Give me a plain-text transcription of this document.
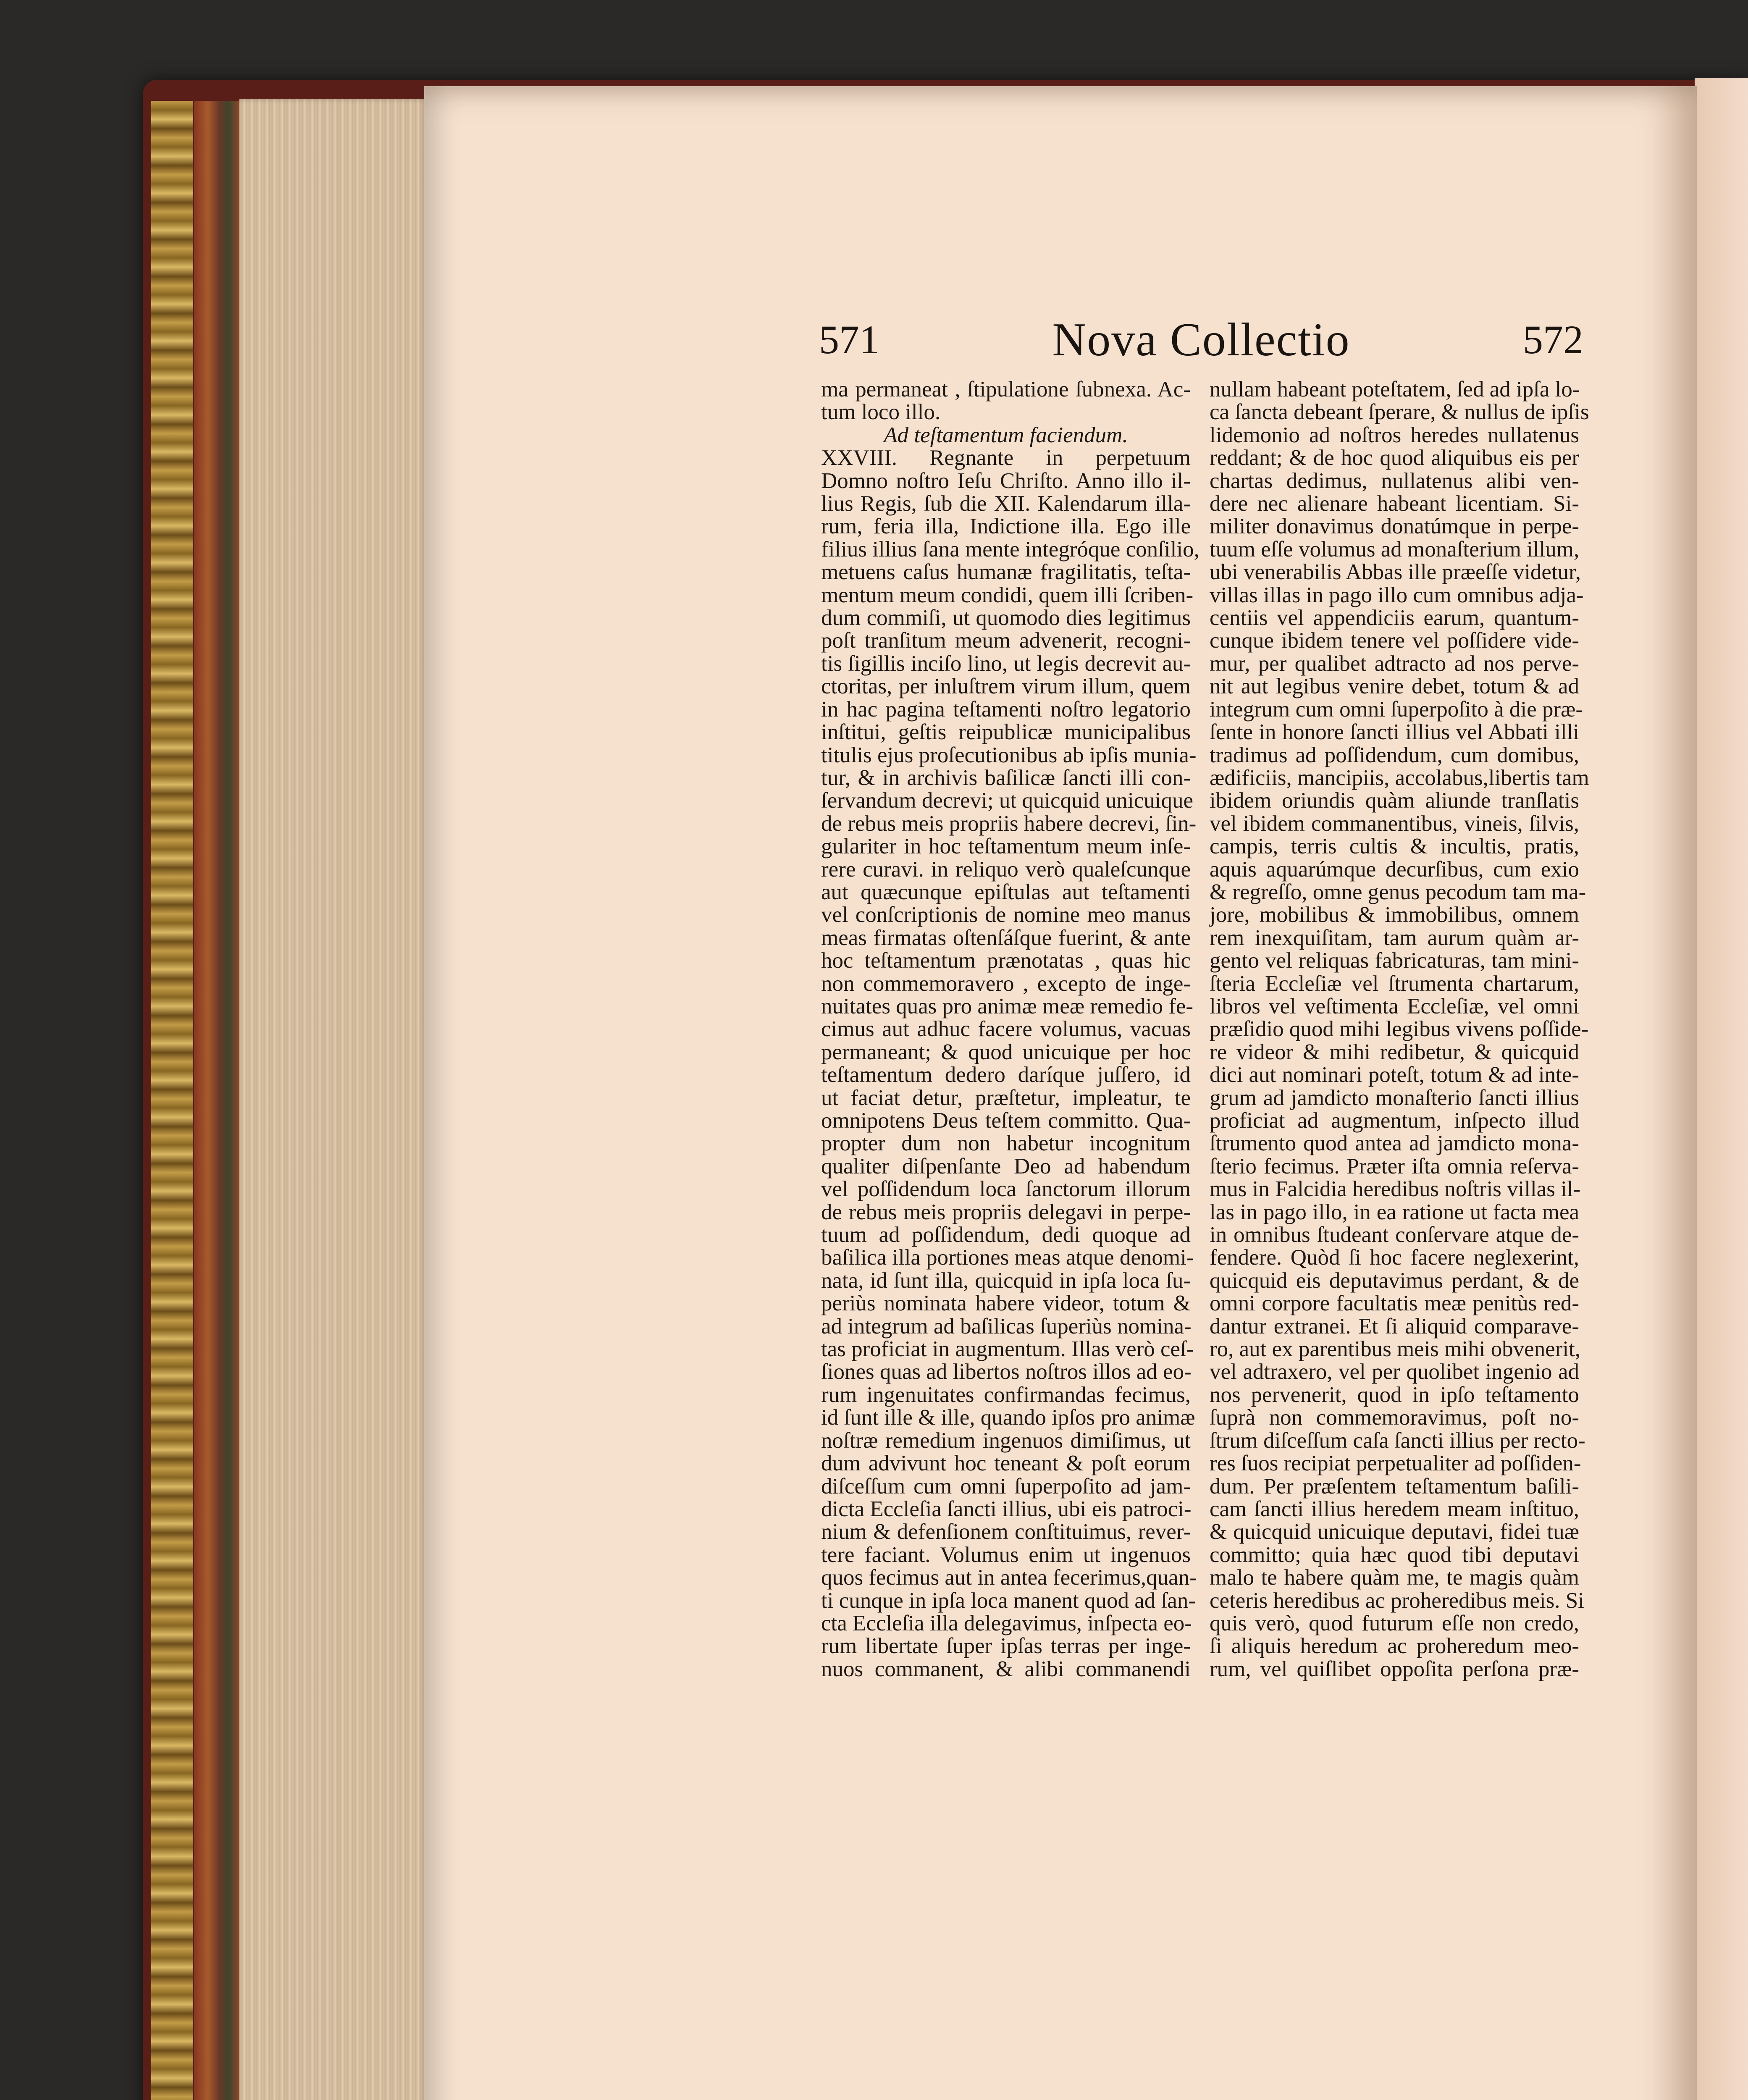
571	Nova Collectio	572
ma permaneat , ſtipulatione ſubnexa. Ac-
tum loco illo.
Ad teſtamentum faciendum.
XXVIII. Regnante in perpetuum
Domno noſtro Ieſu Chriſto. Anno illo il-
lius Regis, ſub die XII. Kalendarum illa-
rum, feria illa, Indictione illa. Ego ille
filius illius ſana mente integróque conſilio,
metuens caſus humanæ fragilitatis, teſta-
mentum meum condidi, quem illi ſcriben-
dum commiſi, ut quomodo dies legitimus
poſt tranſitum meum advenerit, recogni-
tis ſigillis inciſo lino, ut legis decrevit au-
ctoritas, per inluſtrem virum illum, quem
in hac pagina teſtamenti noſtro legatorio
inſtitui, geſtis reipublicæ municipalibus
titulis ejus proſecutionibus ab ipſis munia-
tur, & in archivis baſilicæ ſancti illi con-
ſervandum decrevi; ut quicquid unicuique
de rebus meis propriis habere decrevi, ſin-
gulariter in hoc teſtamentum meum inſe-
rere curavi. in reliquo verò qualeſcunque
aut quæcunque epiſtulas aut teſtamenti
vel conſcriptionis de nomine meo manus
meas firmatas oſtenſáſque fuerint, & ante
hoc teſtamentum prænotatas , quas hic
non commemoravero , excepto de inge-
nuitates quas pro animæ meæ remedio fe-
cimus aut adhuc facere volumus, vacuas
permaneant; & quod unicuique per hoc
teſtamentum dedero daríque juſſero, id
ut faciat detur, præſtetur, impleatur, te
omnipotens Deus teſtem committo. Qua-
propter dum non habetur incognitum
qualiter diſpenſante Deo ad habendum
vel poſſidendum loca ſanctorum illorum
de rebus meis propriis delegavi in perpe-
tuum ad poſſidendum, dedi quoque ad
baſilica illa portiones meas atque denomi-
nata, id ſunt illa, quicquid in ipſa loca ſu-
periùs nominata habere videor, totum &
ad integrum ad baſilicas ſuperiùs nomina-
tas proficiat in augmentum. Illas verò ceſ-
ſiones quas ad libertos noſtros illos ad eo-
rum ingenuitates confirmandas fecimus,
id ſunt ille & ille, quando ipſos pro animæ
noſtræ remedium ingenuos dimiſimus, ut
dum advivunt hoc teneant & poſt eorum
diſceſſum cum omni ſuperpoſito ad jam-
dicta Eccleſia ſancti illius, ubi eis patroci-
nium & defenſionem conſtituimus, rever-
tere faciant. Volumus enim ut ingenuos
quos fecimus aut in antea fecerimus,quan-
ti cunque in ipſa loca manent quod ad ſan-
cta Eccleſia illa delegavimus, inſpecta eo-
rum libertate ſuper ipſas terras per inge-
nuos commanent, & alibi commanendi
nullam habeant poteſtatem, ſed ad ipſa lo-
ca ſancta debeant ſperare, & nullus de ipſis
lidemonio ad noſtros heredes nullatenus
reddant; & de hoc quod aliquibus eis per
chartas dedimus, nullatenus alibi ven-
dere nec alienare habeant licentiam. Si-
militer donavimus donatúmque in perpe-
tuum eſſe volumus ad monaſterium illum,
ubi venerabilis Abbas ille præeſſe videtur,
villas illas in pago illo cum omnibus adja-
centiis vel appendiciis earum, quantum-
cunque ibidem tenere vel poſſidere vide-
mur, per qualibet adtracto ad nos perve-
nit aut legibus venire debet, totum & ad
integrum cum omni ſuperpoſito à die præ-
ſente in honore ſancti illius vel Abbati illi
tradimus ad poſſidendum, cum domibus,
ædificiis, mancipiis, accolabus,libertis tam
ibidem oriundis quàm aliunde tranſlatis
vel ibidem commanentibus, vineis, ſilvis,
campis, terris cultis & incultis, pratis,
aquis aquarúmque decurſibus, cum exio
& regreſſo, omne genus pecodum tam ma-
jore, mobilibus & immobilibus, omnem
rem inexquiſitam, tam aurum quàm ar-
gento vel reliquas fabricaturas, tam mini-
ſteria Eccleſiæ vel ſtrumenta chartarum,
libros vel veſtimenta Eccleſiæ, vel omni
præſidio quod mihi legibus vivens poſſide-
re videor & mihi redibetur, & quicquid
dici aut nominari poteſt, totum & ad inte-
grum ad jamdicto monaſterio ſancti illius
proficiat ad augmentum, inſpecto illud
ſtrumento quod antea ad jamdicto mona-
ſterio fecimus. Præter iſta omnia reſerva-
mus in Falcidia heredibus noſtris villas il-
las in pago illo, in ea ratione ut facta mea
in omnibus ſtudeant conſervare atque de-
fendere. Quòd ſi hoc facere neglexerint,
quicquid eis deputavimus perdant, & de
omni corpore facultatis meæ penitùs red-
dantur extranei. Et ſi aliquid comparave-
ro, aut ex parentibus meis mihi obvenerit,
vel adtraxero, vel per quolibet ingenio ad
nos pervenerit, quod in ipſo teſtamento
ſuprà non commemoravimus, poſt no-
ſtrum diſceſſum caſa ſancti illius per recto-
res ſuos recipiat perpetualiter ad poſſiden-
dum. Per præſentem teſtamentum baſili-
cam ſancti illius heredem meam inſtituo,
& quicquid unicuique deputavi, fidei tuæ
committo; quia hæc quod tibi deputavi
malo te habere quàm me, te magis quàm
ceteris heredibus ac proheredibus meis. Si
quis verò, quod futurum eſſe non credo,
ſi aliquis heredum ac proheredum meo-
rum, vel quiſlibet oppoſita perſona præ-
